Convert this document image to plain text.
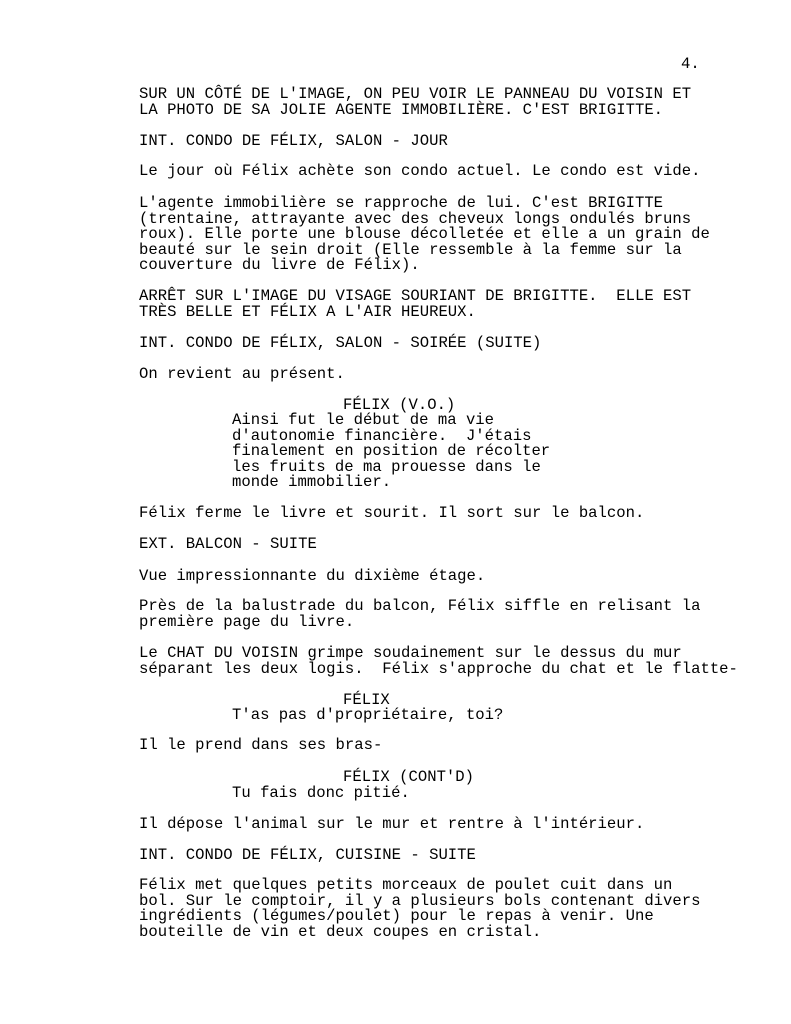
4.
SUR UN CÔTÉ DE L'IMAGE, ON PEU VOIR LE PANNEAU DU VOISIN ET
LA PHOTO DE SA JOLIE AGENTE IMMOBILIÈRE. C'EST BRIGITTE.
INT. CONDO DE FÉLIX, SALON - JOUR
Le jour où Félix achète son condo actuel. Le condo est vide.
L'agente immobilière se rapproche de lui. C'est BRIGITTE
(trentaine, attrayante avec des cheveux longs ondulés bruns
roux). Elle porte une blouse décolletée et elle a un grain de
beauté sur le sein droit (Elle ressemble à la femme sur la
couverture du livre de Félix).
ARRÊT SUR L'IMAGE DU VISAGE SOURIANT DE BRIGITTE.  ELLE EST
TRÈS BELLE ET FÉLIX A L'AIR HEUREUX.
INT. CONDO DE FÉLIX, SALON - SOIRÉE (SUITE)
On revient au présent.
FÉLIX (V.O.)
Ainsi fut le début de ma vie
d'autonomie financière.  J'étais
finalement en position de récolter
les fruits de ma prouesse dans le
monde immobilier.
Félix ferme le livre et sourit. Il sort sur le balcon.
EXT. BALCON - SUITE
Vue impressionnante du dixième étage.
Près de la balustrade du balcon, Félix siffle en relisant la
première page du livre.
Le CHAT DU VOISIN grimpe soudainement sur le dessus du mur
séparant les deux logis.  Félix s'approche du chat et le flatte-
FÉLIX
T'as pas d'propriétaire, toi?
Il le prend dans ses bras-
FÉLIX (CONT'D)
Tu fais donc pitié.
Il dépose l'animal sur le mur et rentre à l'intérieur.
INT. CONDO DE FÉLIX, CUISINE - SUITE
Félix met quelques petits morceaux de poulet cuit dans un
bol. Sur le comptoir, il y a plusieurs bols contenant divers
ingrédients (légumes/poulet) pour le repas à venir. Une
bouteille de vin et deux coupes en cristal.
